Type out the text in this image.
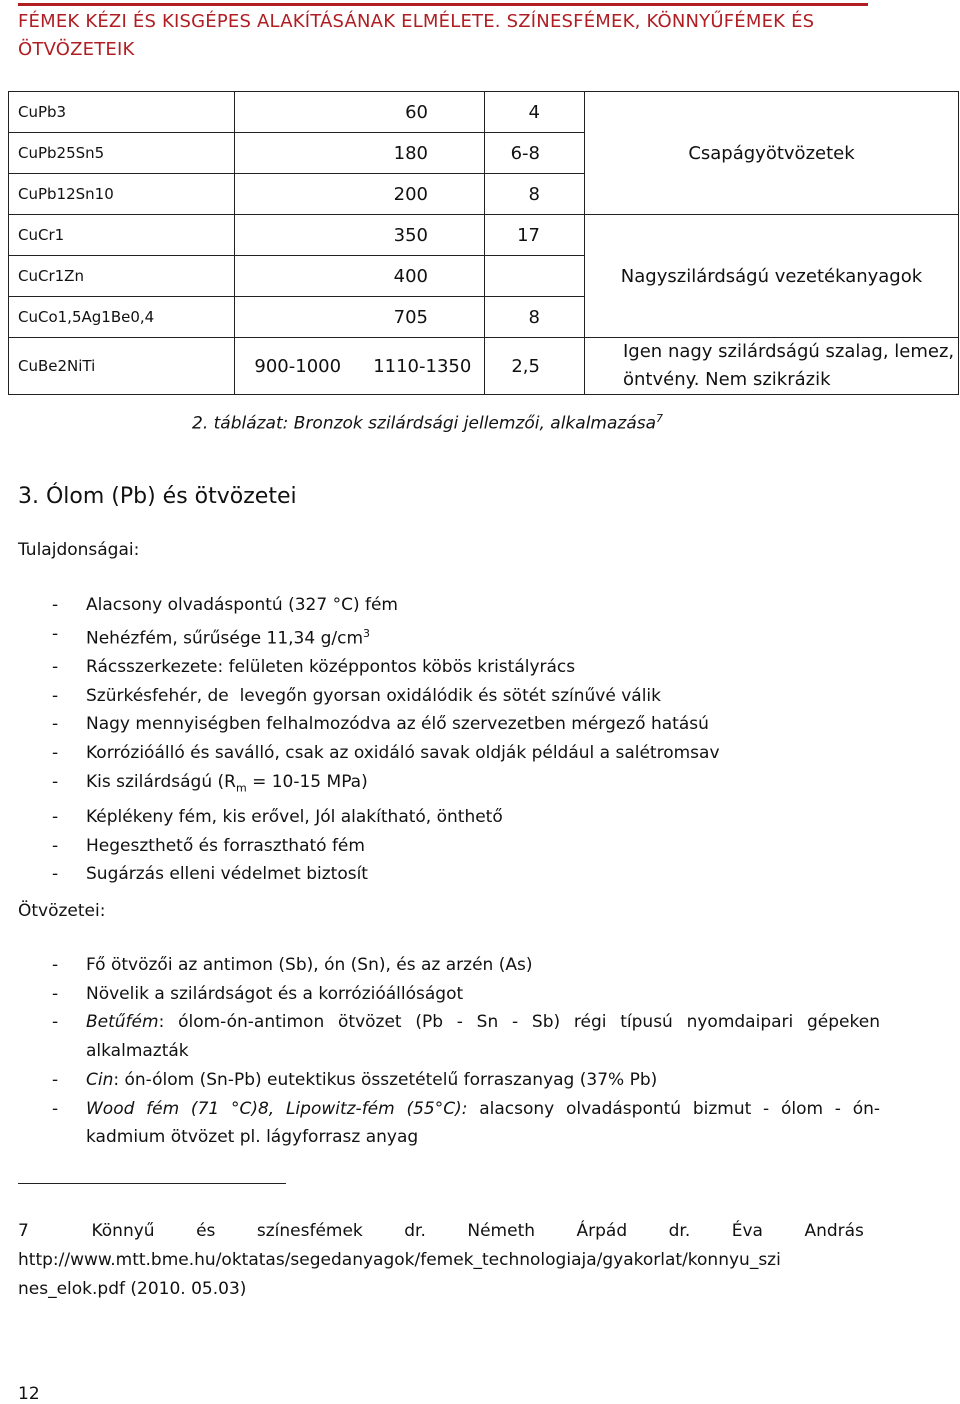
FÉMEK KÉZI ÉS KISGÉPES ALAKÍTÁSÁNAK ELMÉLETE. SZÍNESFÉMEK, KÖNNYŰFÉMEK ÉS ÖTVÖZETEIK
CuPb3	60		4	Csapágyötvözetek
CuPb25Sn5	180		6-8	
CuPb12Sn10	200		8	
CuCr1	350		17	Nagyszilárdságú vezetékanyagok
CuCr1Zn	400			
CuCo1,5Ag1Be0,4	705		8	
CuBe2NiTi	900-1000	1110-1350	2,5	Igen nagy szilárdságú szalag, lemez, öntvény. Nem szikrázik
2. táblázat: Bronzok szilárdsági jellemzői, alkalmazása$^7$
3. Ólom (Pb) és ötvözetei
Tulajdonságai:
- Alacsony olvadáspontú (327 °C) fém
- Nehézfém, sűrűsége 11,34 $g/cm^3$
- Rácsszerkezete: felületen középpontos köbös kristályrács
- Szürkésfehér, de  levegőn gyorsan oxidálódik és sötét színűvé válik
- Nagy mennyiségben felhalmozódva az élő szervezetben mérgező hatású
- Korrózióálló és saválló, csak az oxidáló savak oldják például a salétromsav
- Kis szilárdságú ($R_m = 10-15$ MPa)
- Képlékeny fém, kis erővel, Jól alakítható, önthető
- Hegeszthető és forrasztható fém
- Sugárzás elleni védelmet biztosít
Ötvözetei:
- Fő ötvözői az antimon (Sb), ón (Sn), és az arzén (As)
- Növelik a szilárdságot és a korrózióállóságot
- Betűfém: ólom-ón-antimon ötvözet (Pb - Sn - Sb) régi típusú nyomdaipari gépeken
alkalmazták
- Cin: ón-ólom (Sn-Pb) eutektikus összetételű forraszanyag (37% Pb)
- Wood fém (71 °C)8, Lipowitz-fém (55°C): alacsony olvadáspontú bizmut - ólom - ón-
kadmium ötvözet pl. lágyforrasz anyag
7	Könnyű és színesfémek dr. Németh Árpád dr. Éva András
http://www.mtt.bme.hu/oktatas/segedanyagok/femek_technologiaja/gyakorlat/konnyu_szi
nes_elok.pdf (2010. 05.03)
12
